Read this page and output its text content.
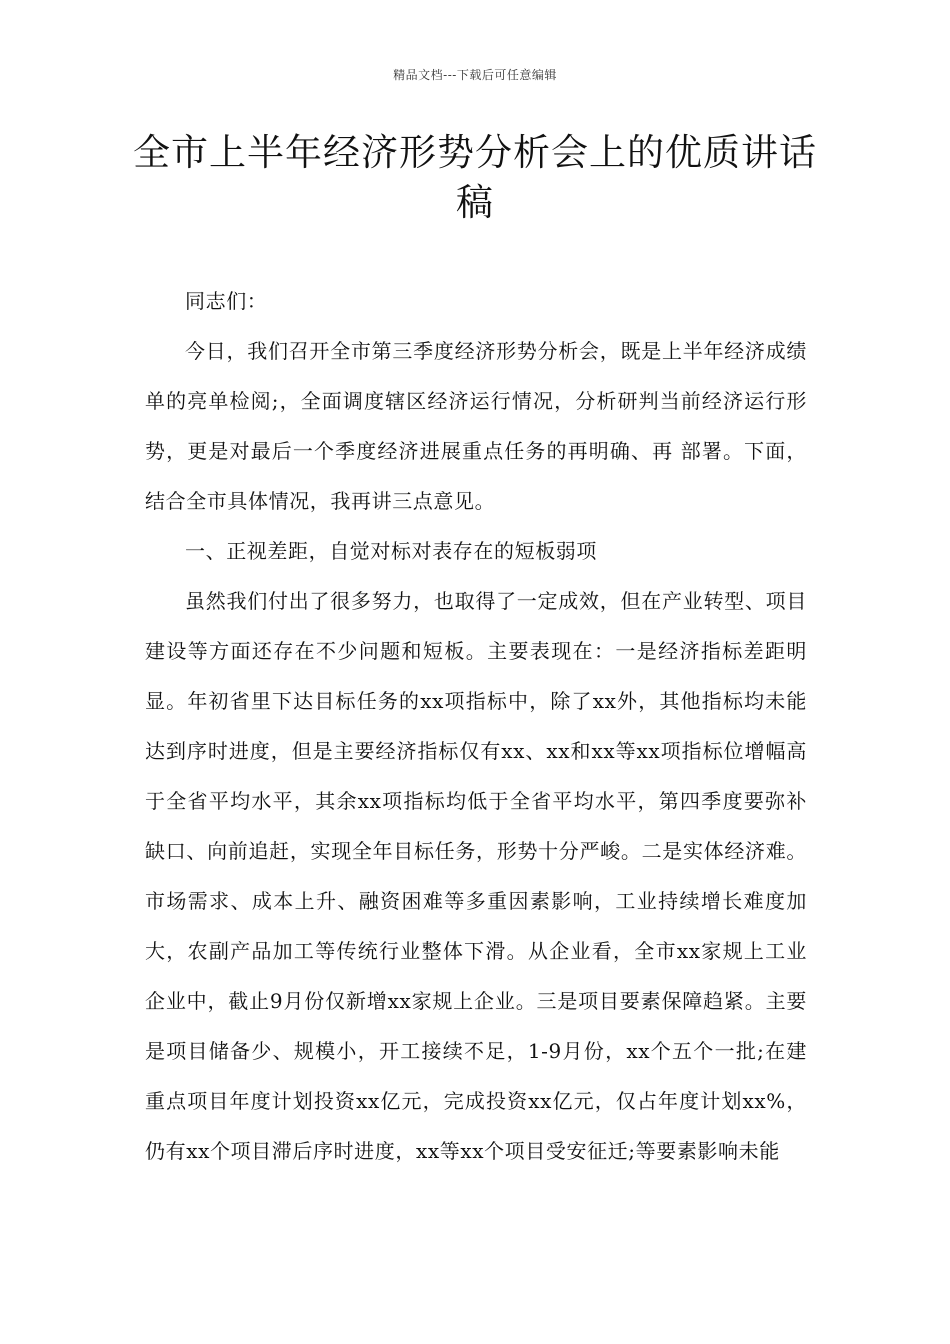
精品文档---下载后可任意编辑
全市上半年经济形势分析会上的优质讲话稿

同志们：

今日，我们召开全市第三季度经济形势分析会，既是上半年经济成绩单的亮单检阅;，全面调度辖区经济运行情况，分析研判当前经济运行形势，更是对最后一个季度经济进展重点任务的再明确、再 部署。下面，结合全市具体情况，我再讲三点意见。

一、正视差距，自觉对标对表存在的短板弱项

虽然我们付出了很多努力，也取得了一定成效，但在产业转型、项目建设等方面还存在不少问题和短板。主要表现在：一是经济指标差距明显。年初省里下达目标任务的xx项指标中，除了xx外，其他指标均未能达到序时进度，但是主要经济指标仅有xx、xx和xx等xx项指标位增幅高于全省平均水平，其余xx项指标均低于全省平均水平，第四季度要弥补缺口、向前追赶，实现全年目标任务，形势十分严峻。二是实体经济难。市场需求、成本上升、融资困难等多重因素影响，工业持续增长难度加大，农副产品加工等传统行业整体下滑。从企业看，全市xx家规上工业企业中，截止9月份仅新增xx家规上企业。三是项目要素保障趋紧。主要是项目储备少、规模小，开工接续不足，1-9月份，xx个五个一批;在建重点项目年度计划投资xx亿元，完成投资xx亿元，仅占年度计划xx%，仍有xx个项目滞后序时进度，xx等xx个项目受安征迁;等要素影响未能
